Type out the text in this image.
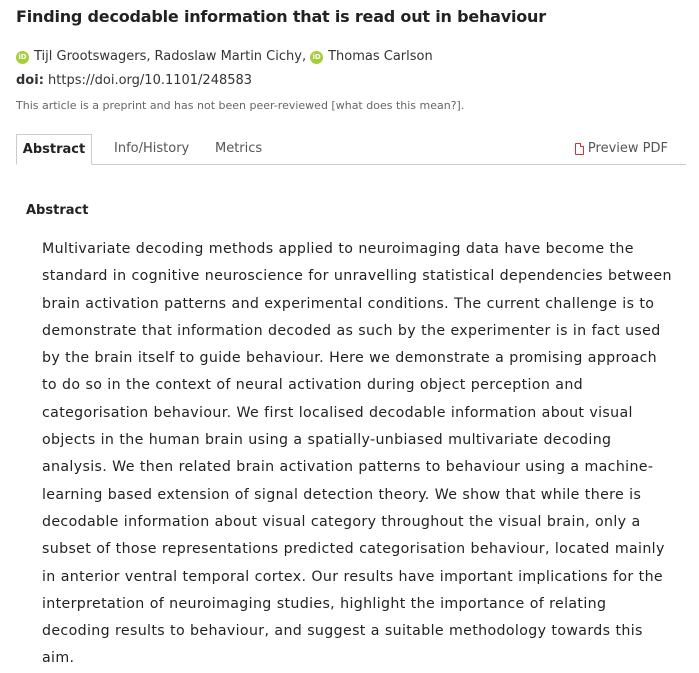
Finding decodable information that is read out in behaviour
iD Tijl Grootswagers, Radoslaw Martin Cichy, iD Thomas Carlson
doi: https://doi.org/10.1101/248583
This article is a preprint and has not been peer-reviewed [what does this mean?].
Abstract	Info/History Metrics	Preview PDF
Abstract

Multivariate decoding methods applied to neuroimaging data have become the standard in cognitive neuroscience for unravelling statistical dependencies between brain activation patterns and experimental conditions. The current challenge is to demonstrate that information decoded as such by the experimenter is in fact used by the brain itself to guide behaviour. Here we demonstrate a promising approach to do so in the context of neural activation during object perception and categorisation behaviour. We first localised decodable information about visual objects in the human brain using a spatially-unbiased multivariate decoding analysis. We then related brain activation patterns to behaviour using a machine-learning based extension of signal detection theory. We show that while there is decodable information about visual category throughout the visual brain, only a subset of those representations predicted categorisation behaviour, located mainly in anterior ventral temporal cortex. Our results have important implications for the interpretation of neuroimaging studies, highlight the importance of relating decoding results to behaviour, and suggest a suitable methodology towards this aim.
